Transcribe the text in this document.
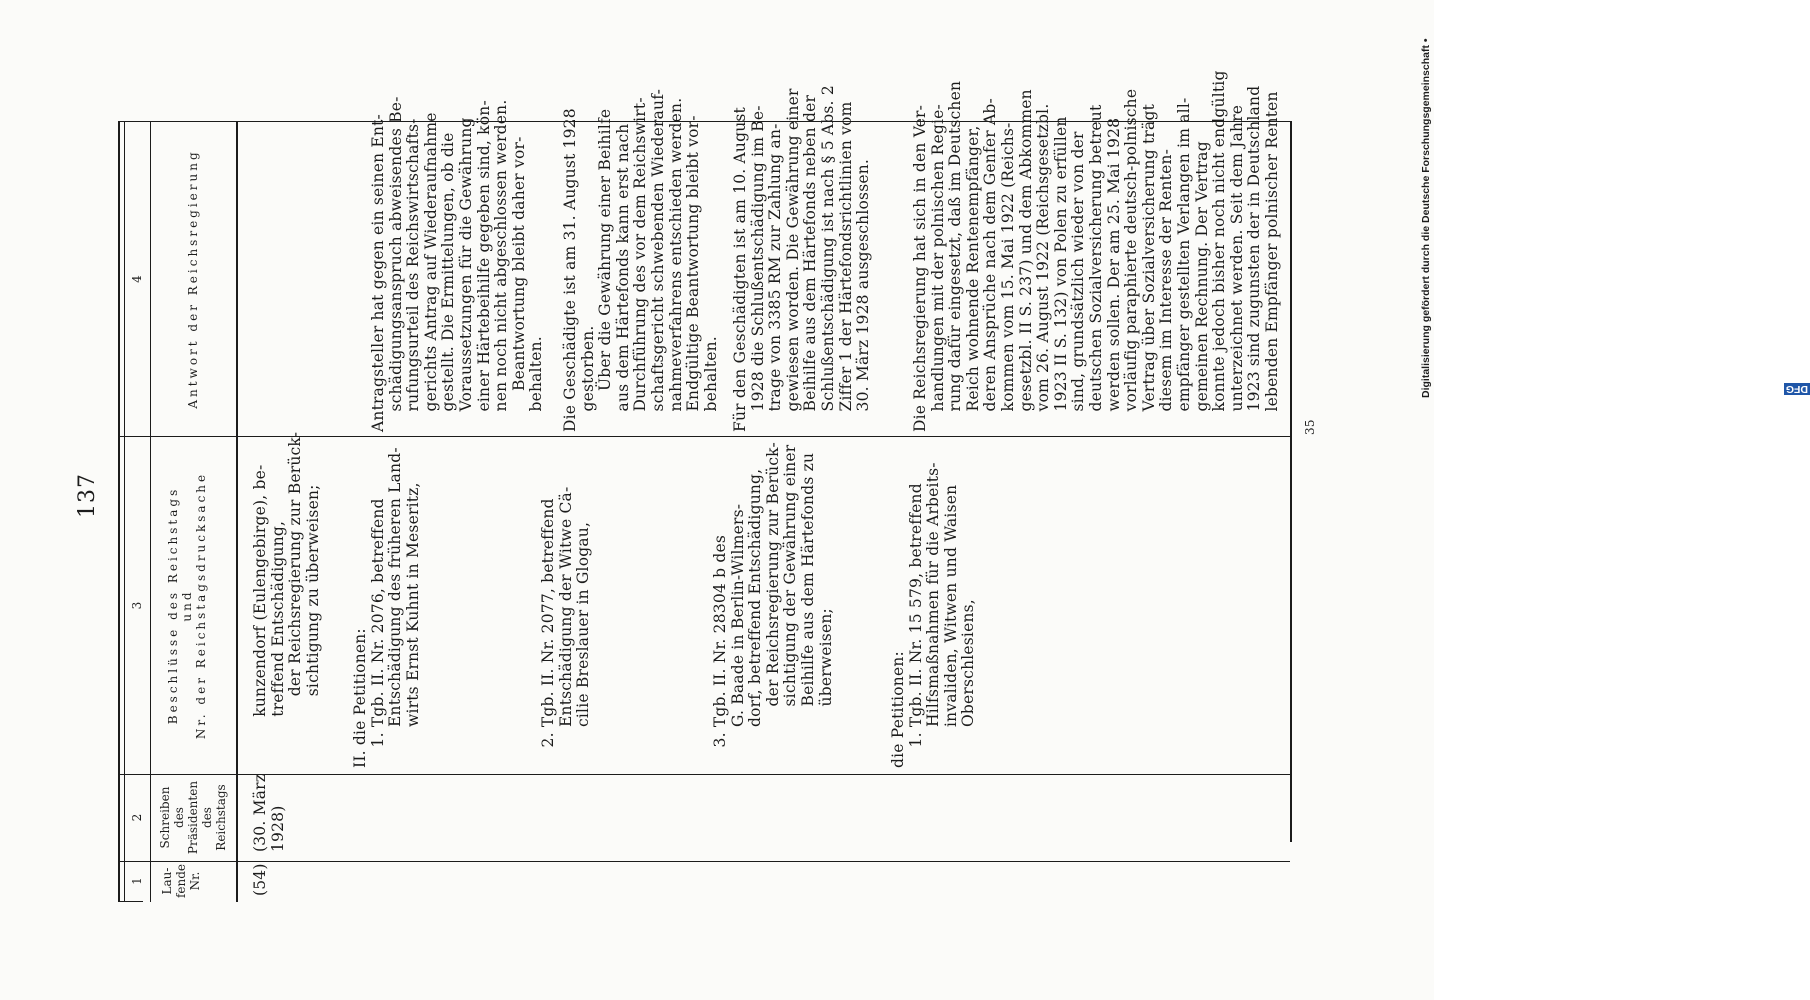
Digitalisierung gefördert durch die Deutsche Forschungsgemeinschaft •	DFG
137
1
2
3
4
Lau-
fende
Nr.
Schreiben
des
Präsidenten
des
Reichstags
Beschlüsse des Reichstags
und
Nr. der Reichstagsdrucksache
Antwort der Reichsregierung
(54)
(30. März
1928)
kunzendorf (Eulengebirge), be-
treffend Entschädigung,
der Reichsregierung zur Berück-
sichtigung zu überweisen;
II. die Petitionen:
1. Tgb. II. Nr. 2076, betreffend
Entschädigung des früheren Land-
wirts Ernst Kuhnt in Meseritz,
Antragsteller hat gegen ein seinen Ent-
schädigungsanspruch abweisendes Be-
rufungsurteil des Reichswirtschafts-
gerichts Antrag auf Wiederaufnahme
gestellt. Die Ermittelungen, ob die
Voraussetzungen für die Gewährung
einer Härtebeihilfe gegeben sind, kön-
nen noch nicht abgeschlossen werden.
Beantwortung bleibt daher vor-
behalten.
2. Tgb. II. Nr. 2077, betreffend
Entschädigung der Witwe Cä-
cilie Breslauer in Glogau,
Die Geschädigte ist am 31. August 1928
gestorben.
Über die Gewährung einer Beihilfe
aus dem Härtefonds kann erst nach
Durchführung des vor dem Reichswirt-
schaftsgericht schwebenden Wiederauf-
nahmeverfahrens entschieden werden.
Endgültige Beantwortung bleibt vor-
behalten.
3. Tgb. II. Nr. 28304 b des
G. Baade in Berlin-Wilmers-
dorf, betreffend Entschädigung,
der Reichsregierung zur Berück-
sichtigung der Gewährung einer
Beihilfe aus dem Härtefonds zu
überweisen;
Für den Geschädigten ist am 10. August
1928 die Schlußentschädigung im Be-
trage von 3385 RM zur Zahlung an-
gewiesen worden. Die Gewährung einer
Beihilfe aus dem Härtefonds neben der
Schlußentschädigung ist nach § 5 Abs. 2
Ziffer 1 der Härtefondsrichtlinien vom
30. März 1928 ausgeschlossen.
die Petitionen:
1. Tgb. II. Nr. 15 579, betreffend
Hilfsmaßnahmen für die Arbeits-
invaliden, Witwen und Waisen
Oberschlesiens,
Die Reichsregierung hat sich in den Ver-
handlungen mit der polnischen Regie-
rung dafür eingesetzt, daß im Deutschen
Reich wohnende Rentenempfänger,
deren Ansprüche nach dem Genfer Ab-
kommen vom 15. Mai 1922 (Reichs-
gesetzbl. II S. 237) und dem Abkommen
vom 26. August 1922 (Reichsgesetzbl.
1923 II S. 132) von Polen zu erfüllen
sind, grundsätzlich wieder von der
deutschen Sozialversicherung betreut
werden sollen. Der am 25. Mai 1928
vorläufig paraphierte deutsch-polnische
Vertrag über Sozialversicherung trägt
diesem im Interesse der Renten-
empfänger gestellten Verlangen im all-
gemeinen Rechnung. Der Vertrag
konnte jedoch bisher noch nicht endgültig
unterzeichnet werden. Seit dem Jahre
1923 sind zugunsten der in Deutschland
lebenden Empfänger polnischer Renten
35
